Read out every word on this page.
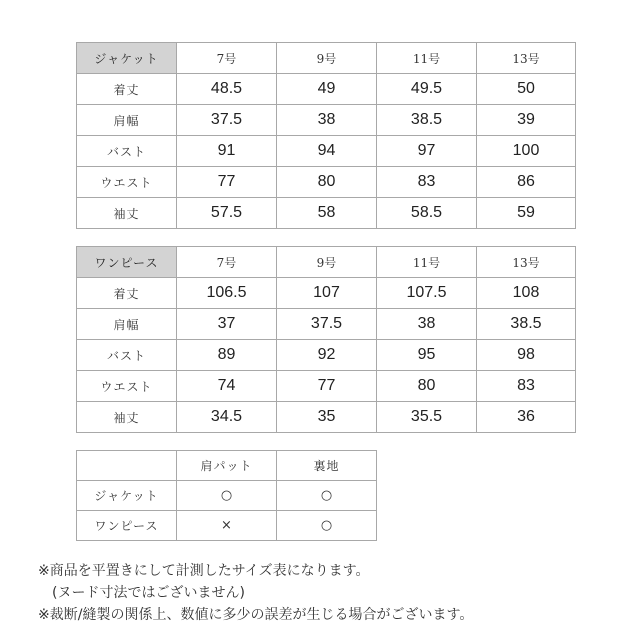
ジャケット	7号	9号	11号	13号
着丈	48.5	49	49.5	50
肩幅	37.5	38	38.5	39
バスト	91	94	97	100
ウエスト	77	80	83	86
袖丈	57.5	58	58.5	59
ワンピース	7号	9号	11号	13号
着丈	106.5	107	107.5	108
肩幅	37	37.5	38	38.5
バスト	89	92	95	98
ウエスト	74	77	80	83
袖丈	34.5	35	35.5	36
	肩パット	裏地
ジャケット	○	○
ワンピース	×	○
※商品を平置きにして計測したサイズ表になります。
(ヌード寸法ではございません)
※裁断/縫製の関係上、数値に多少の誤差が生じる場合がございます。
